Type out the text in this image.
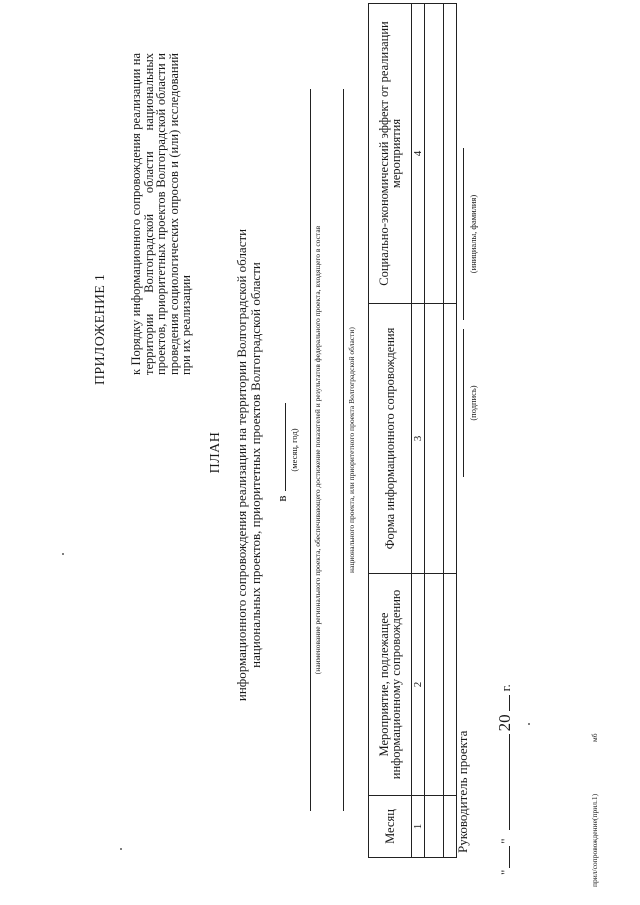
ПРИЛОЖЕНИЕ 1 к Порядку информационного сопровождения реализации на территории Волгоградской области национальных проектов, приоритетных проектов Волгоградской области и проведения социологических опросов и (или) исследований при их реализации
ПЛАН информационного сопровождения реализации на территории Волгоградской области национальных проектов, приоритетных проектов Волгоградской области в
(месяц, год) (наименование регионального проекта, обеспечивающего достижение показателей и результатов федерального проекта, входящего в состав	национального проекта, или приоритетного проекта Волгоградской области)
Месяц	Мероприятие, подлежащее информационному сопровождению	Форма информационного сопровождения	Социально-экономический эффект от реализации мероприятия
1	2	3	4

Руководитель проекта
(подпись)
(инициалы, фамилия)
""20г.
прил/сопровождение(прил.1)
мб
